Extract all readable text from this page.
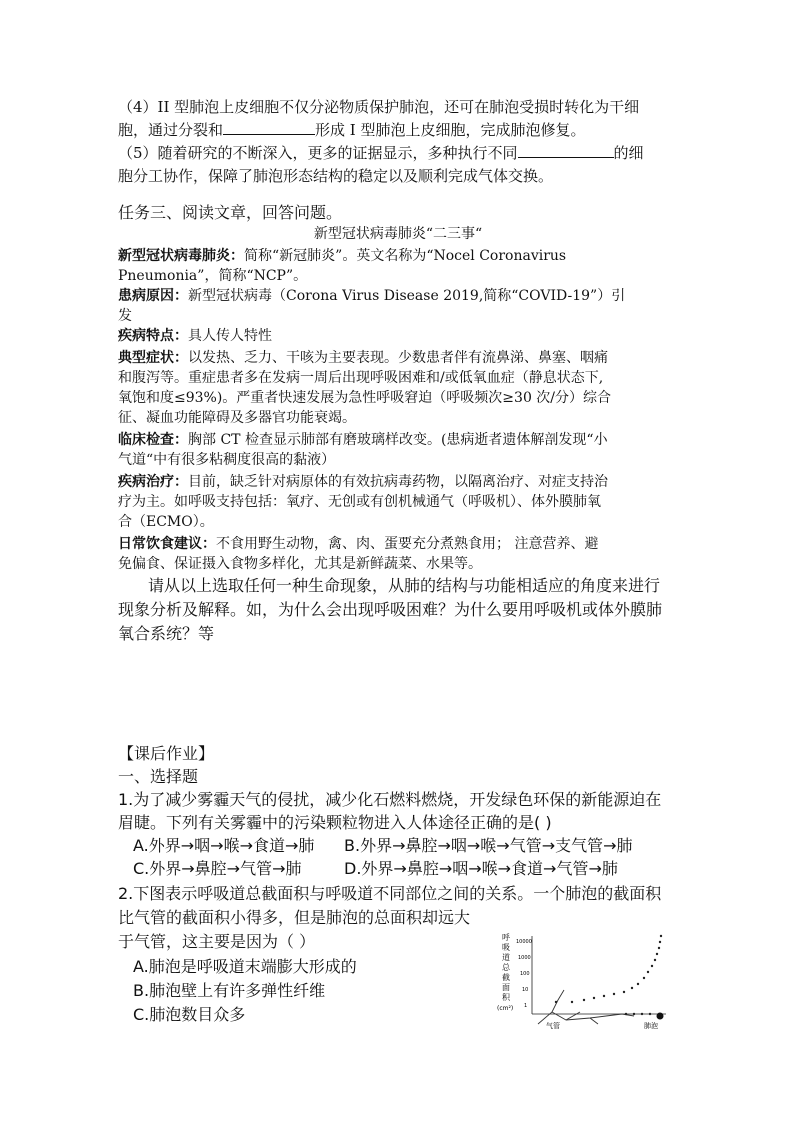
（4）II 型肺泡上皮细胞不仅分泌物质保护肺泡，还可在肺泡受损时转化为干细
胞，通过分裂和	形成 I 型肺泡上皮细胞，完成肺泡修复。
（5）随着研究的不断深入，更多的证据显示，多种执行不同	的细
胞分工协作，保障了肺泡形态结构的稳定以及顺利完成气体交换。
任务三、阅读文章，回答问题。
新型冠状病毒肺炎“二三事“
新型冠状病毒肺炎：简称“新冠肺炎”。英文名称为“Nocel Coronavirus
Pneumonia”，简称“NCP”。
患病原因：新型冠状病毒（Corona Virus Disease 2019,简称“COVID-19”）引
发
疾病特点：具人传人特性
典型症状：以发热、乏力、干咳为主要表现。少数患者伴有流鼻涕、鼻塞、咽痛
和腹泻等。重症患者多在发病一周后出现呼吸困难和/或低氧血症（静息状态下,
氧饱和度≤93%)。严重者快速发展为急性呼吸窘迫（呼吸频次≥30 次/分）综合
征、凝血功能障碍及多器官功能衰竭。
临床检查：胸部 CT 检查显示肺部有磨玻璃样改变。(患病逝者遗体解剖发现“小
气道“中有很多粘稠度很高的黏液）
疾病治疗：目前，缺乏针对病原体的有效抗病毒药物，以隔离治疗、对症支持治
疗为主。如呼吸支持包括：氧疗、无创或有创机械通气（呼吸机）、体外膜肺氧
合（ECMO）。
日常饮食建议：不食用野生动物，禽、肉、蛋要充分煮熟食用； 注意营养、避
免偏食、保证摄入食物多样化，尤其是新鲜蔬菜、水果等。
请从以上选取任何一种生命现象，从肺的结构与功能相适应的角度来进行
现象分析及解释。如，为什么会出现呼吸困难？为什么要用呼吸机或体外膜肺
氧合系统？等
【课后作业】
一、选择题
1.为了减少雾霾天气的侵扰，减少化石燃料燃烧，开发绿色环保的新能源迫在
眉睫。下列有关雾霾中的污染颗粒物进入人体途径正确的是( )
A.外界→咽→喉→食道→肺 B.外界→鼻腔→咽→喉→气管→支气管→肺
C.外界→鼻腔→气管→肺	D.外界→鼻腔→咽→喉→食道→气管→肺
2.下图表示呼吸道总截面积与呼吸道不同部位之间的关系。一个肺泡的截面积
比气管的截面积小得多，但是肺泡的总面积却远大
于气管，这主要是因为（ ）
A.肺泡是呼吸道末端膨大形成的
B.肺泡壁上有许多弹性纤维
C.肺泡数目众多
呼
吸
道
总
截
面
积
(cm²)
10000
1000
100
10
1
气管	肺泡
